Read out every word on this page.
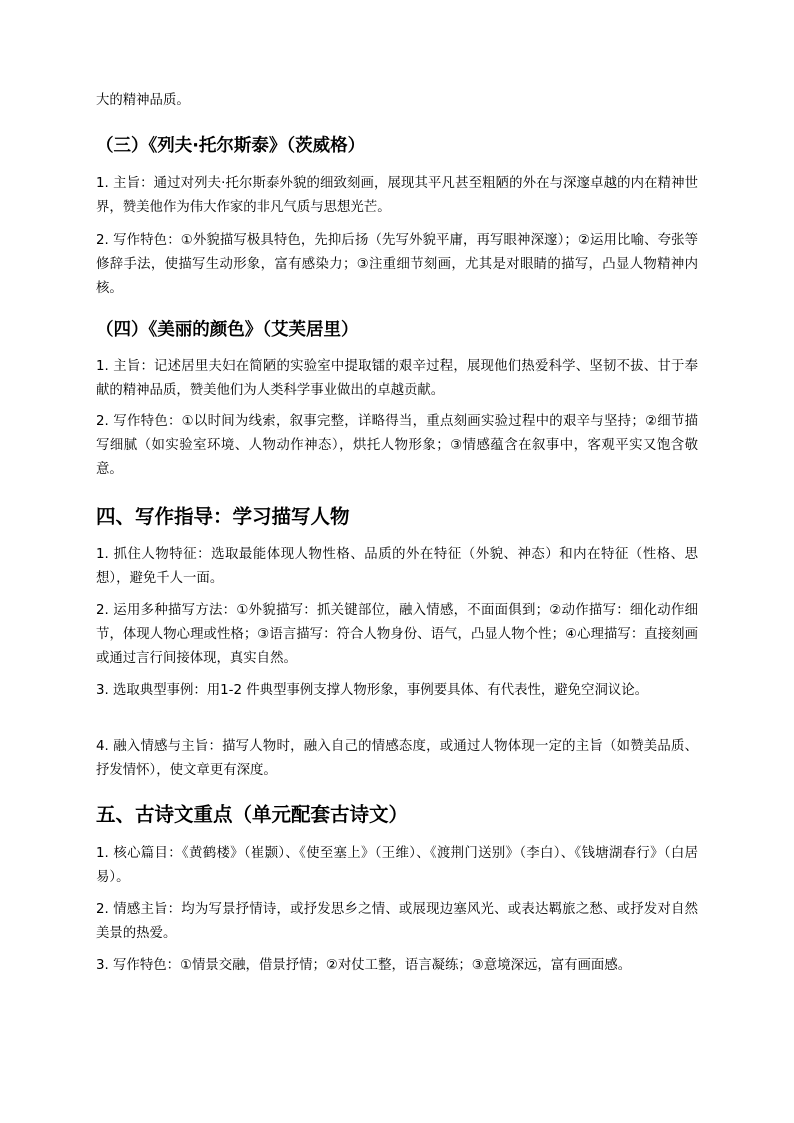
大的精神品质。

（三）《列夫·托尔斯泰》（茨威格）

1. 主旨：通过对列夫·托尔斯泰外貌的细致刻画，展现其平凡甚至粗陋的外在与深邃卓越的内在精神世界，赞美他作为伟大作家的非凡气质与思想光芒。

2. 写作特色：①外貌描写极具特色，先抑后扬（先写外貌平庸，再写眼神深邃）；②运用比喻、夸张等修辞手法，使描写生动形象，富有感染力；③注重细节刻画，尤其是对眼睛的描写，凸显人物精神内核。

（四）《美丽的颜色》（艾芙居里）

1. 主旨：记述居里夫妇在简陋的实验室中提取镭的艰辛过程，展现他们热爱科学、坚韧不拔、甘于奉献的精神品质，赞美他们为人类科学事业做出的卓越贡献。

2. 写作特色：①以时间为线索，叙事完整，详略得当，重点刻画实验过程中的艰辛与坚持；②细节描写细腻（如实验室环境、人物动作神态），烘托人物形象；③情感蕴含在叙事中，客观平实又饱含敬意。

四、写作指导：学习描写人物

1. 抓住人物特征：选取最能体现人物性格、品质的外在特征（外貌、神态）和内在特征（性格、思想），避免千人一面。

2. 运用多种描写方法：①外貌描写：抓关键部位，融入情感，不面面俱到；②动作描写：细化动作细节，体现人物心理或性格；③语言描写：符合人物身份、语气，凸显人物个性；④心理描写：直接刻画或通过言行间接体现，真实自然。

3. 选取典型事例：用1-2 件典型事例支撑人物形象，事例要具体、有代表性，避免空洞议论。

4. 融入情感与主旨：描写人物时，融入自己的情感态度，或通过人物体现一定的主旨（如赞美品质、抒发情怀），使文章更有深度。

五、古诗文重点（单元配套古诗文）

1. 核心篇目：《黄鹤楼》（崔颢）、《使至塞上》（王维）、《渡荆门送别》（李白）、《钱塘湖春行》（白居易）。

2. 情感主旨：均为写景抒情诗，或抒发思乡之情、或展现边塞风光、或表达羁旅之愁、或抒发对自然美景的热爱。

3. 写作特色：①情景交融，借景抒情；②对仗工整，语言凝练；③意境深远，富有画面感。
